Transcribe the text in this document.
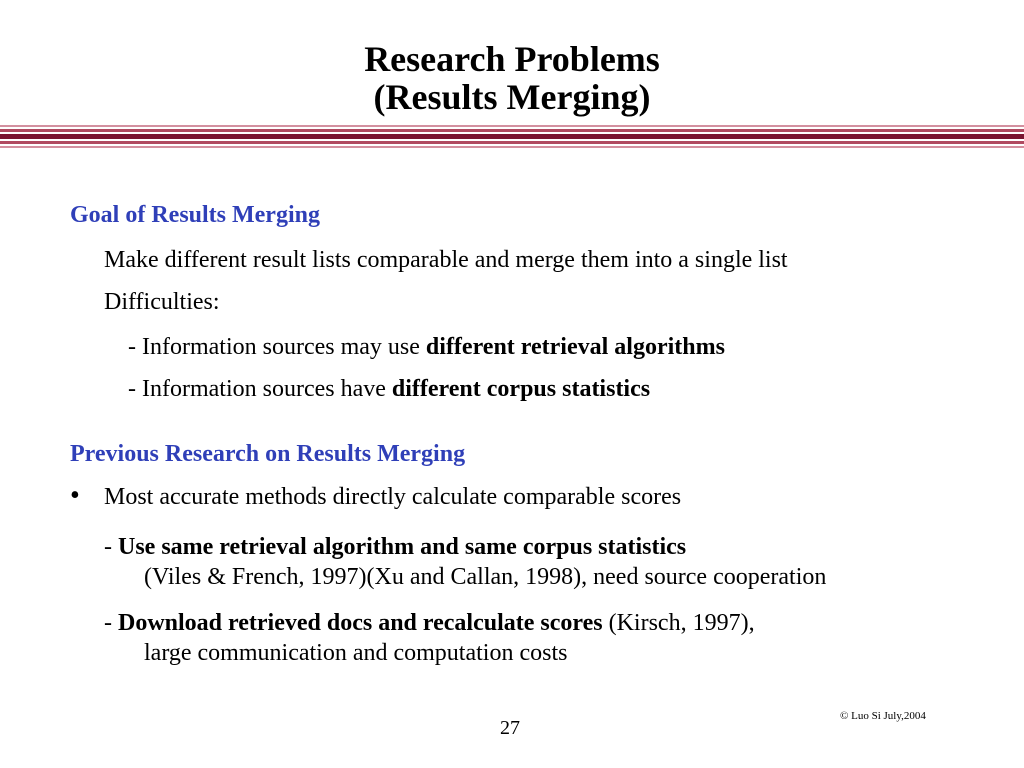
Research Problems
(Results Merging)
Goal of Results Merging
Make different result lists comparable and merge them into a single list
Difficulties:
- Information sources may use different retrieval algorithms
- Information sources have different corpus statistics
Previous Research on Results Merging
• Most accurate methods directly calculate comparable scores
- Use same retrieval algorithm and same corpus statistics
(Viles & French, 1997)(Xu and Callan, 1998), need source cooperation
- Download retrieved docs and recalculate scores (Kirsch, 1997),
large communication and computation costs
© Luo Si July,2004
27
